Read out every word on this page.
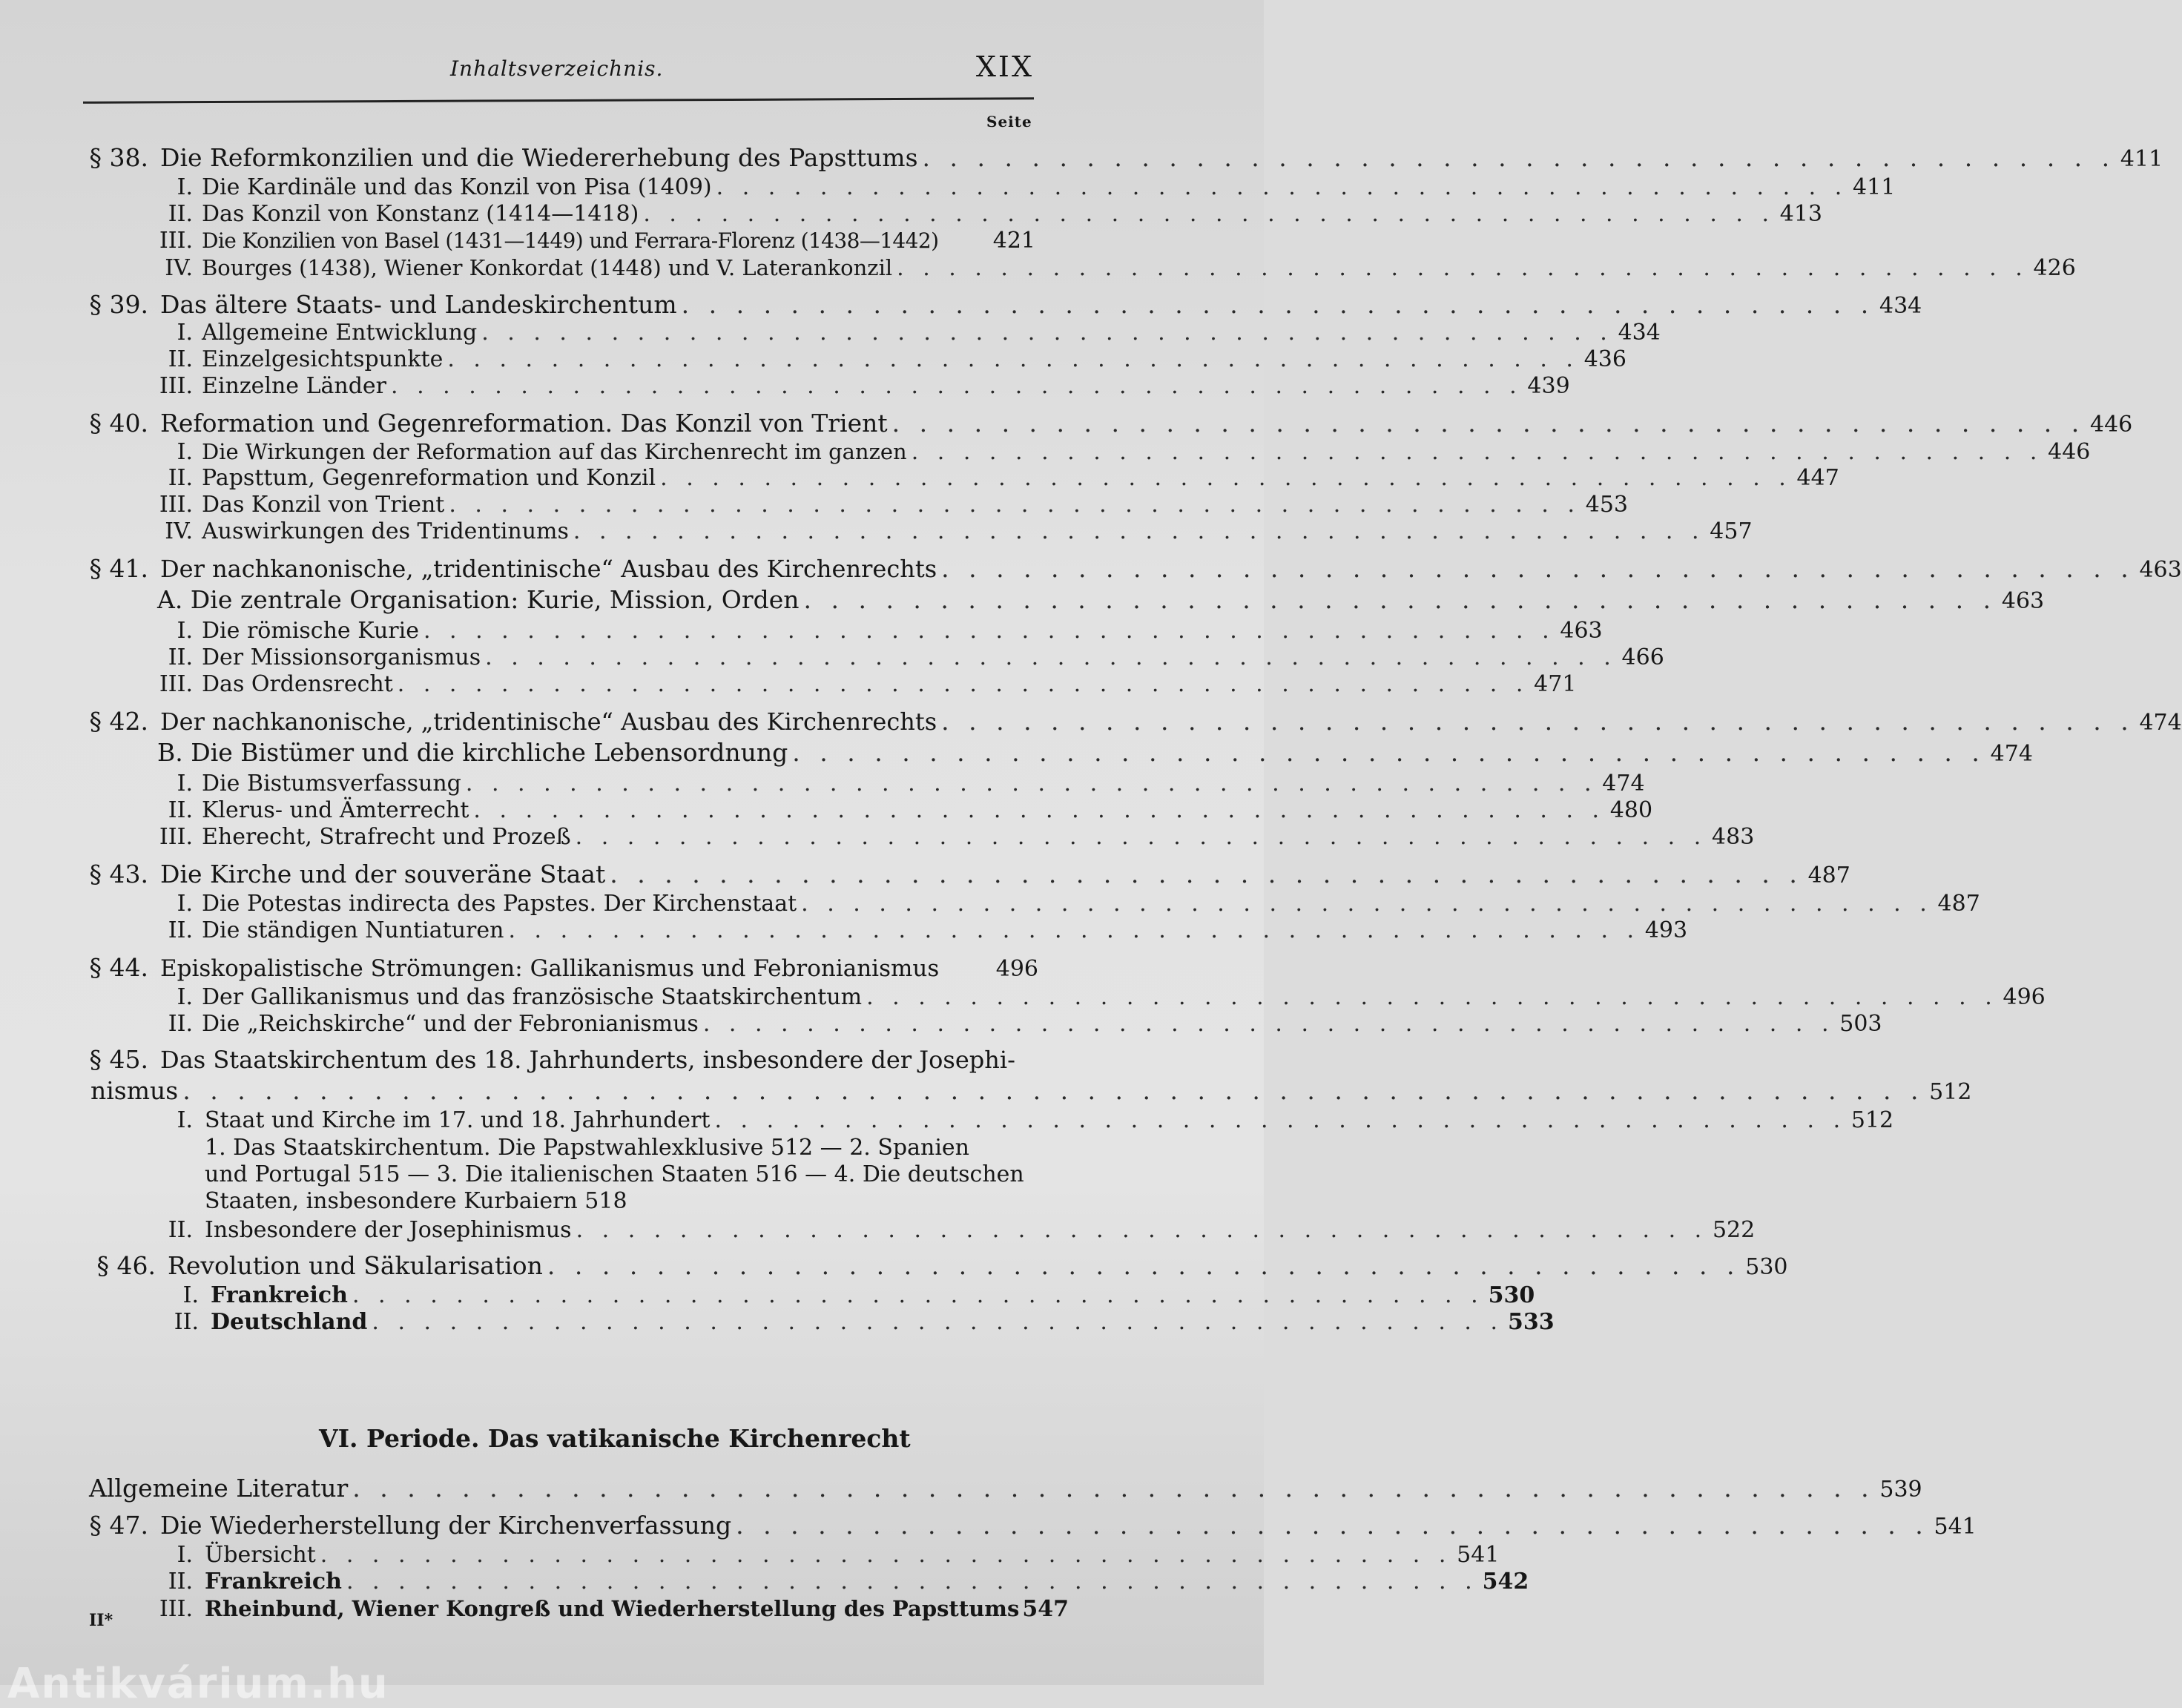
Inhaltsverzeichnis.	XIX
Seite
§ 38. Die Reformkonzilien und die Wiedererhebung des Papsttums . . . . . . . . . . . . . . . . . . . . . . . . . . . . . . . . . . . . . . . . . . . . 411
I. Die Kardinäle und das Konzil von Pisa (1409) . . . . . . . . . . . . . . . . . . . . . . . . . . . . . . . . . . . . . . . . . . . . 411
II. Das Konzil von Konstanz (1414—1418) . . . . . . . . . . . . . . . . . . . . . . . . . . . . . . . . . . . . . . . . . . . . 413
III. Die Konzilien von Basel (1431—1449) und Ferrara-Florenz (1438—1442) 421
IV. Bourges (1438), Wiener Konkordat (1448) und V. Laterankonzil . . . . . . . . . . . . . . . . . . . . . . . . . . . . . . . . . . . . . . . . . . . . 426
§ 39. Das ältere Staats- und Landeskirchentum . . . . . . . . . . . . . . . . . . . . . . . . . . . . . . . . . . . . . . . . . . . . 434
I. Allgemeine Entwicklung . . . . . . . . . . . . . . . . . . . . . . . . . . . . . . . . . . . . . . . . . . . . 434
II. Einzelgesichtspunkte . . . . . . . . . . . . . . . . . . . . . . . . . . . . . . . . . . . . . . . . . . . . 436
III. Einzelne Länder . . . . . . . . . . . . . . . . . . . . . . . . . . . . . . . . . . . . . . . . . . . . 439
§ 40. Reformation und Gegenreformation. Das Konzil von Trient . . . . . . . . . . . . . . . . . . . . . . . . . . . . . . . . . . . . . . . . . . . . 446
I. Die Wirkungen der Reformation auf das Kirchenrecht im ganzen . . . . . . . . . . . . . . . . . . . . . . . . . . . . . . . . . . . . . . . . . . . . 446
II. Papsttum, Gegenreformation und Konzil . . . . . . . . . . . . . . . . . . . . . . . . . . . . . . . . . . . . . . . . . . . . 447
III. Das Konzil von Trient . . . . . . . . . . . . . . . . . . . . . . . . . . . . . . . . . . . . . . . . . . . . 453
IV. Auswirkungen des Tridentinums . . . . . . . . . . . . . . . . . . . . . . . . . . . . . . . . . . . . . . . . . . . . 457
§ 41. Der nachkanonische, „tridentinische“ Ausbau des Kirchenrechts . . . . . . . . . . . . . . . . . . . . . . . . . . . . . . . . . . . . . . . . . . . . 463
A. Die zentrale Organisation: Kurie, Mission, Orden . . . . . . . . . . . . . . . . . . . . . . . . . . . . . . . . . . . . . . . . . . . . 463
I. Die römische Kurie . . . . . . . . . . . . . . . . . . . . . . . . . . . . . . . . . . . . . . . . . . . . 463
II. Der Missionsorganismus . . . . . . . . . . . . . . . . . . . . . . . . . . . . . . . . . . . . . . . . . . . . 466
III. Das Ordensrecht . . . . . . . . . . . . . . . . . . . . . . . . . . . . . . . . . . . . . . . . . . . . 471
§ 42. Der nachkanonische, „tridentinische“ Ausbau des Kirchenrechts . . . . . . . . . . . . . . . . . . . . . . . . . . . . . . . . . . . . . . . . . . . . 474
B. Die Bistümer und die kirchliche Lebensordnung . . . . . . . . . . . . . . . . . . . . . . . . . . . . . . . . . . . . . . . . . . . . 474
I. Die Bistumsverfassung . . . . . . . . . . . . . . . . . . . . . . . . . . . . . . . . . . . . . . . . . . . . 474
II. Klerus- und Ämterrecht . . . . . . . . . . . . . . . . . . . . . . . . . . . . . . . . . . . . . . . . . . . . 480
III. Eherecht, Strafrecht und Prozeß . . . . . . . . . . . . . . . . . . . . . . . . . . . . . . . . . . . . . . . . . . . . 483
§ 43. Die Kirche und der souveräne Staat . . . . . . . . . . . . . . . . . . . . . . . . . . . . . . . . . . . . . . . . . . . . 487
I. Die Potestas indirecta des Papstes. Der Kirchenstaat . . . . . . . . . . . . . . . . . . . . . . . . . . . . . . . . . . . . . . . . . . . . 487
II. Die ständigen Nuntiaturen . . . . . . . . . . . . . . . . . . . . . . . . . . . . . . . . . . . . . . . . . . . . 493
§ 44. Episkopalistische Strömungen: Gallikanismus und Febronianismus	496
I. Der Gallikanismus und das französische Staatskirchentum . . . . . . . . . . . . . . . . . . . . . . . . . . . . . . . . . . . . . . . . . . . . 496
II. Die „Reichskirche“ und der Febronianismus . . . . . . . . . . . . . . . . . . . . . . . . . . . . . . . . . . . . . . . . . . . . 503
§ 45. Das Staatskirchentum des 18. Jahrhunderts, insbesondere der Josephi-
nismus . . . . . . . . . . . . . . . . . . . . . . . . . . . . . . . . . . . . . . . . . . . . . . . . . . . . . . . . . . . . . . . . 512
I. Staat und Kirche im 17. und 18. Jahrhundert . . . . . . . . . . . . . . . . . . . . . . . . . . . . . . . . . . . . . . . . . . . . 512
1. Das Staatskirchentum. Die Papstwahlexklusive 512 — 2. Spanien
und Portugal 515 — 3. Die italienischen Staaten 516 — 4. Die deutschen
Staaten, insbesondere Kurbaiern 518
II. Insbesondere der Josephinismus . . . . . . . . . . . . . . . . . . . . . . . . . . . . . . . . . . . . . . . . . . . . 522
§ 46. Revolution und Säkularisation . . . . . . . . . . . . . . . . . . . . . . . . . . . . . . . . . . . . . . . . . . . . 530
I. Frankreich . . . . . . . . . . . . . . . . . . . . . . . . . . . . . . . . . . . . . . . . . . . . 530
II. Deutschland . . . . . . . . . . . . . . . . . . . . . . . . . . . . . . . . . . . . . . . . . . . . 533
VI. Periode. Das vatikanische Kirchenrecht
Allgemeine Literatur . . . . . . . . . . . . . . . . . . . . . . . . . . . . . . . . . . . . . . . . . . . . . . . . . . . . . . . . 539
§ 47. Die Wiederherstellung der Kirchenverfassung . . . . . . . . . . . . . . . . . . . . . . . . . . . . . . . . . . . . . . . . . . . . 541
I. Übersicht . . . . . . . . . . . . . . . . . . . . . . . . . . . . . . . . . . . . . . . . . . . . 541
II. Frankreich . . . . . . . . . . . . . . . . . . . . . . . . . . . . . . . . . . . . . . . . . . . . 542
III. Rheinbund, Wiener Kongreß und Wiederherstellung des Papsttums 547
II*
Antikvárium.hu
